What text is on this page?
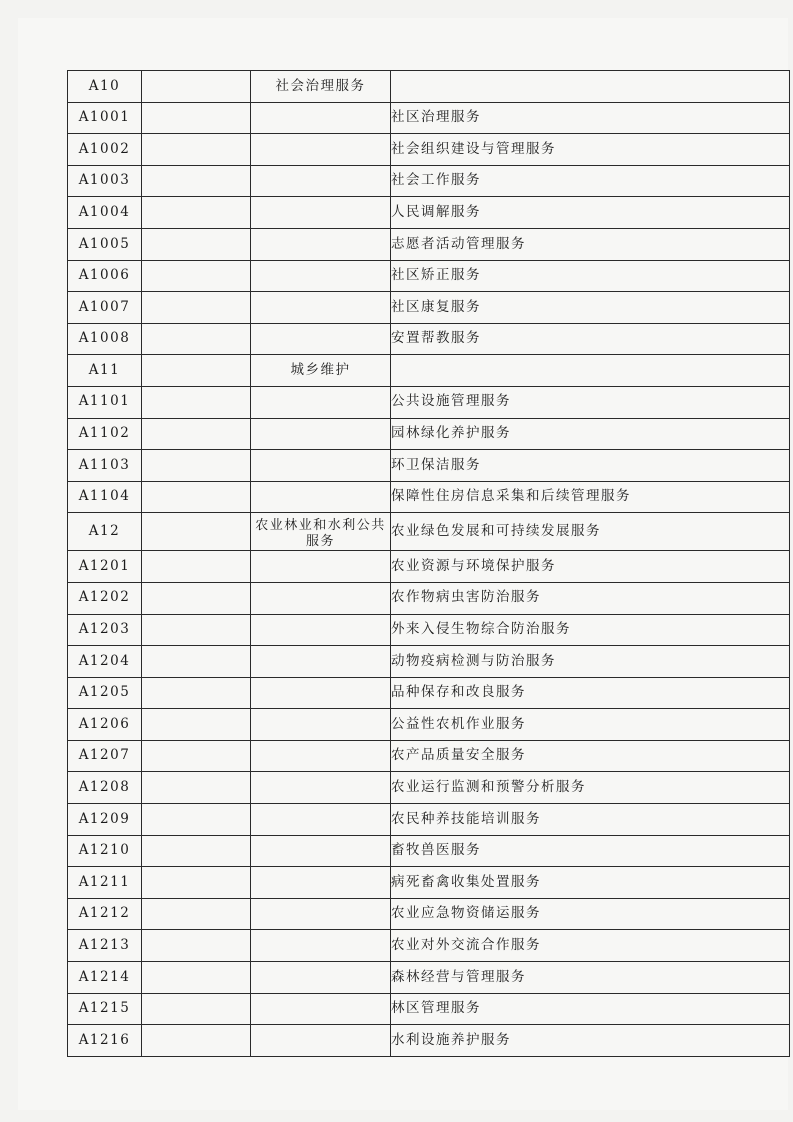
A10		社会治理服务	
A1001			社区治理服务
A1002			社会组织建设与管理服务
A1003			社会工作服务
A1004			人民调解服务
A1005			志愿者活动管理服务
A1006			社区矫正服务
A1007			社区康复服务
A1008			安置帮教服务
A11		城乡维护	
A1101			公共设施管理服务
A1102			园林绿化养护服务
A1103			环卫保洁服务
A1104			保障性住房信息采集和后续管理服务
A12		农业林业和水利公共服务	农业绿色发展和可持续发展服务
A1201			农业资源与环境保护服务
A1202			农作物病虫害防治服务
A1203			外来入侵生物综合防治服务
A1204			动物疫病检测与防治服务
A1205			品种保存和改良服务
A1206			公益性农机作业服务
A1207			农产品质量安全服务
A1208			农业运行监测和预警分析服务
A1209			农民种养技能培训服务
A1210			畜牧兽医服务
A1211			病死畜禽收集处置服务
A1212			农业应急物资储运服务
A1213			农业对外交流合作服务
A1214			森林经营与管理服务
A1215			林区管理服务
A1216			水利设施养护服务
